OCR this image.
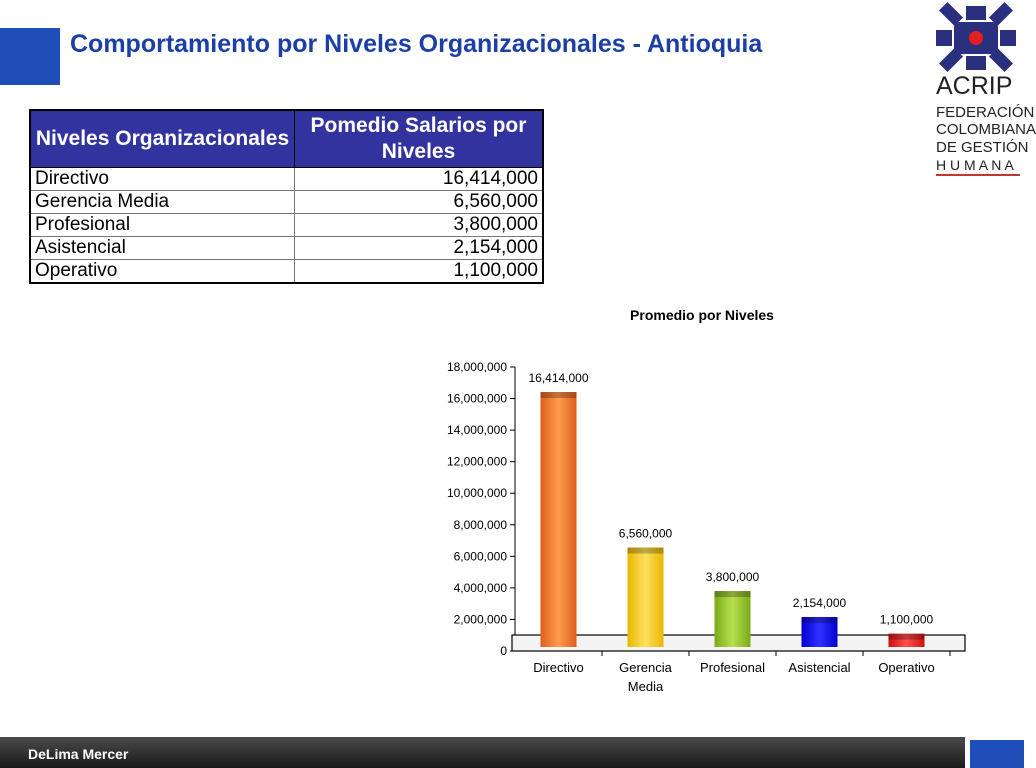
Comportamiento por Niveles Organizacionales - Antioquia
ACRIP
FEDERACIÓN
COLOMBIANA
DE GESTIÓN
H U M A N A
Niveles Organizacionales	Pomedio Salarios por Niveles
Directivo	16,414,000
Gerencia Media	6,560,000
Profesional	3,800,000
Asistencial	2,154,000
Operativo	1,100,000
Promedio por Niveles
0
2,000,000
4,000,000
6,000,000
8,000,000
10,000,000
12,000,000
14,000,000
16,000,000
18,000,000
16,414,000
6,560,000
3,800,000
2,154,000
1,100,000
Directivo	Gerencia Media
Profesional Asistencial Operativo
DeLima Mercer
